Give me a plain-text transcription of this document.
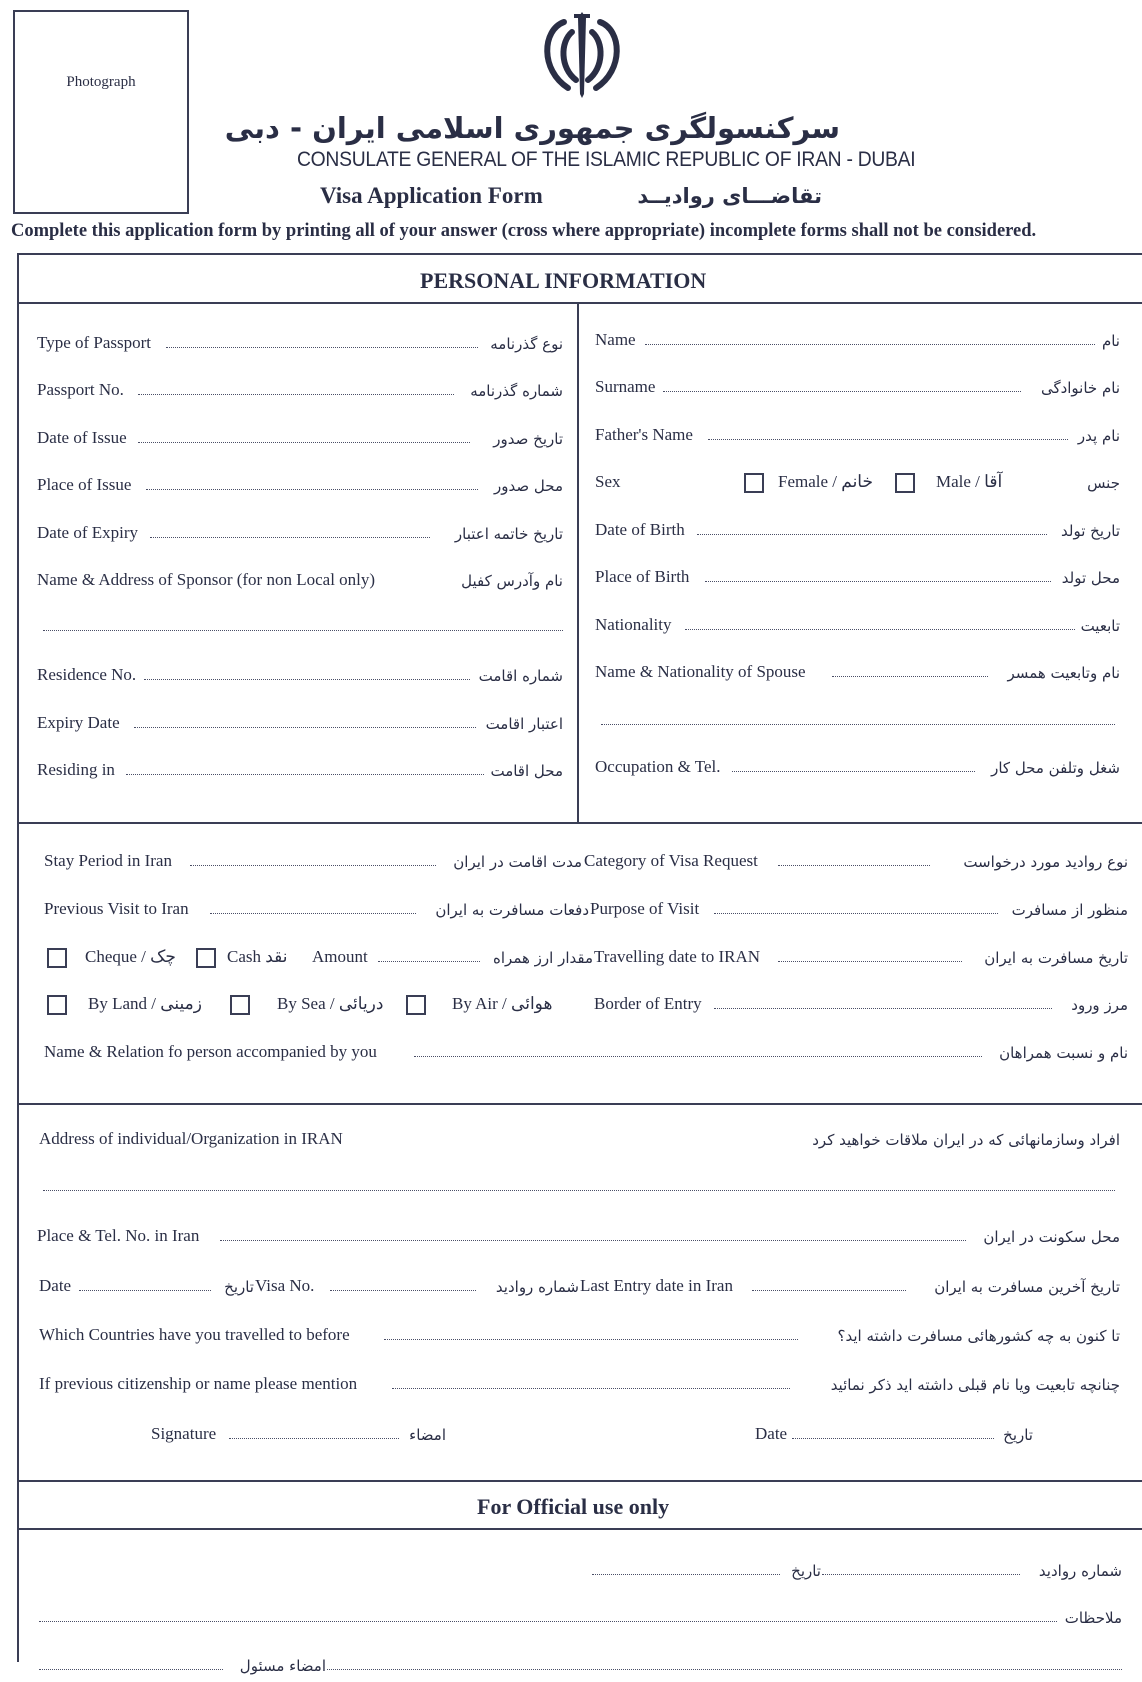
Photograph
سرکنسولگری جمهوری اسلامی ایران - دبی
CONSULATE GENERAL OF THE ISLAMIC REPUBLIC OF IRAN - DUBAI
Visa Application Form	تقاضـــای روادیــد
Complete this application form by printing all of your answer (cross where appropriate) incomplete forms shall not be considered.
PERSONAL INFORMATION
Type of Passport	نوع گذرنامه
Passport No.	شماره گذرنامه
Date of Issue	تاریخ صدور
Place of Issue	محل صدور
Date of Expiry	تاریخ خاتمه اعتبار
Name & Address of Sponsor (for non Local only)	نام وآدرس کفیل
Residence No.	شماره اقامت
Expiry Date	اعتبار اقامت
Residing in	محل اقامت
Name	نام
Surname	نام خانوادگی
Father's Name	نام پدر
Sex	Female / خانم	Male / آقا	جنس
Date of Birth	تاریخ تولد
Place of Birth	محل تولد
Nationality	تابعیت
Name & Nationality of Spouse	نام وتابعیت همسر
Occupation & Tel.	شغل وتلفن محل کار
Stay Period in Iran	مدت اقامت در ایران Category of Visa Request	نوع روادید مورد درخواست
Previous Visit to Iran	دفعات مسافرت به ایران Purpose of Visit	منظور از مسافرت
Cheque / چک	Cash نقد Amount	مقدار ارز همراه Travelling date to IRAN	تاریخ مسافرت به ایران
By Land / زمینی	By Sea / دریائی	By Air / هوائی Border of Entry	مرز ورود
Name & Relation fo person accompanied by you	نام و نسبت همراهان
Address of individual/Organization in IRAN	افراد وسازمانهائی که در ایران ملاقات خواهید کرد
Place & Tel. No. in Iran	محل سکونت در ایران
Date	تاریخ Visa No.	شماره روادید Last Entry date in Iran	تاریخ آخرین مسافرت به ایران
Which Countries have you travelled to before	تا کنون به چه کشورهائی مسافرت داشته اید؟
If previous citizenship or name please mention	چنانچه تابعیت ویا نام قبلی داشته اید ذکر نمائید
Signature	امضاء	Date	تاریخ
For Official use only
تاریخ	شماره روادید
ملاحظات
امضاء مسئول
